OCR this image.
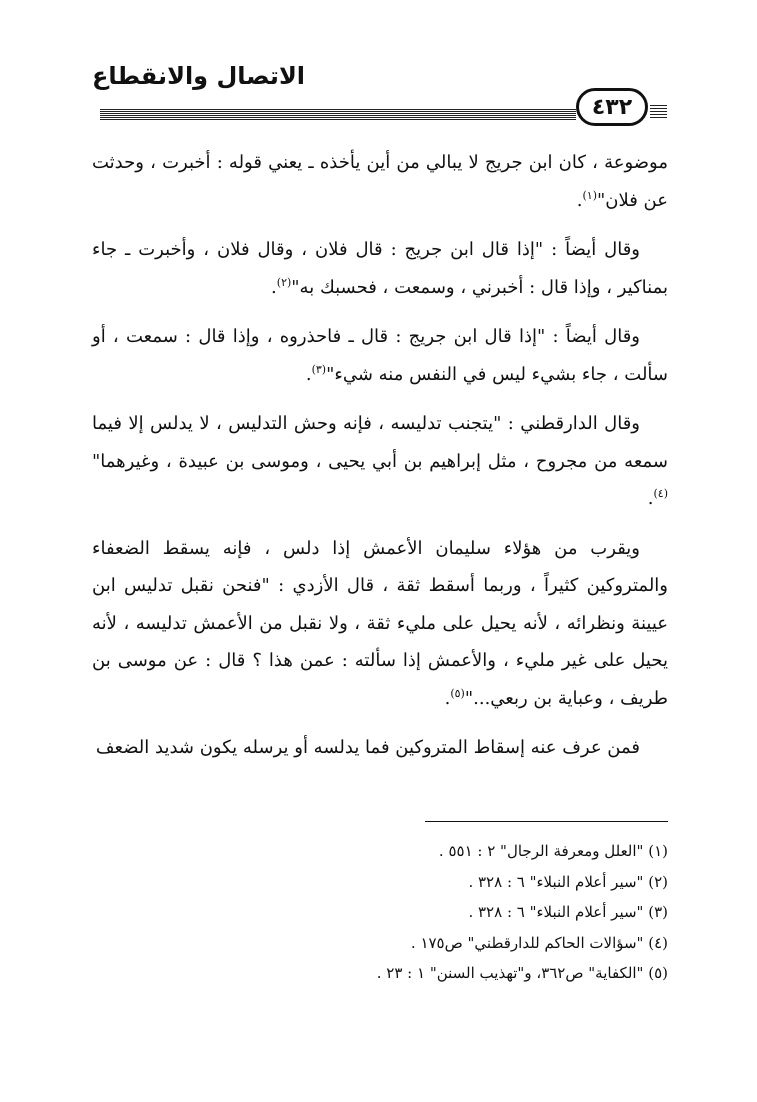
الاتصال والانقطاع
٤٣٢

موضوعة ، كان ابن جريج لا يبالي من أين يأخذه ـ يعني قوله : أخبرت ، وحدثت عن فلان"$^{(١)}$.

وقال أيضاً : "إذا قال ابن جريج : قال فلان ، وقال فلان ، وأخبرت ـ جاء بمناكير ، وإذا قال : أخبرني ، وسمعت ، فحسبك به"$^{(٢)}$.

وقال أيضاً : "إذا قال ابن جريج : قال ـ فاحذروه ، وإذا قال : سمعت ، أو سألت ، جاء بشيء ليس في النفس منه شيء"$^{(٣)}$.

وقال الدارقطني : "يتجنب تدليسه ، فإنه وحش التدليس ، لا يدلس إلا فيما سمعه من مجروح ، مثل إبراهيم بن أبي يحيى ، وموسى بن عبيدة ، وغيرهما"$^{(٤)}$.

ويقرب من هؤلاء سليمان الأعمش إذا دلس ، فإنه يسقط الضعفاء والمتروكين كثيراً ، وربما أسقط ثقة ، قال الأزدي : "فنحن نقبل تدليس ابن عيينة ونظرائه ، لأنه يحيل على مليء ثقة ، ولا نقبل من الأعمش تدليسه ، لأنه يحيل على غير مليء ، والأعمش إذا سألته : عمن هذا ؟ قال : عن موسى بن طريف ، وعباية بن ربعي..."$^{(٥)}$.

فمن عرف عنه إسقاط المتروكين فما يدلسه أو يرسله يكون شديد الضعف

(١) "العلل ومعرفة الرجال" ٢ : ٥٥١ .
(٢) "سير أعلام النبلاء" ٦ : ٣٢٨ .
(٣) "سير أعلام النبلاء" ٦ : ٣٢٨ .
(٤) "سؤالات الحاكم للدارقطني" ص١٧٥ .
(٥) "الكفاية" ص٣٦٢، و"تهذيب السنن" ١ : ٢٣ .
